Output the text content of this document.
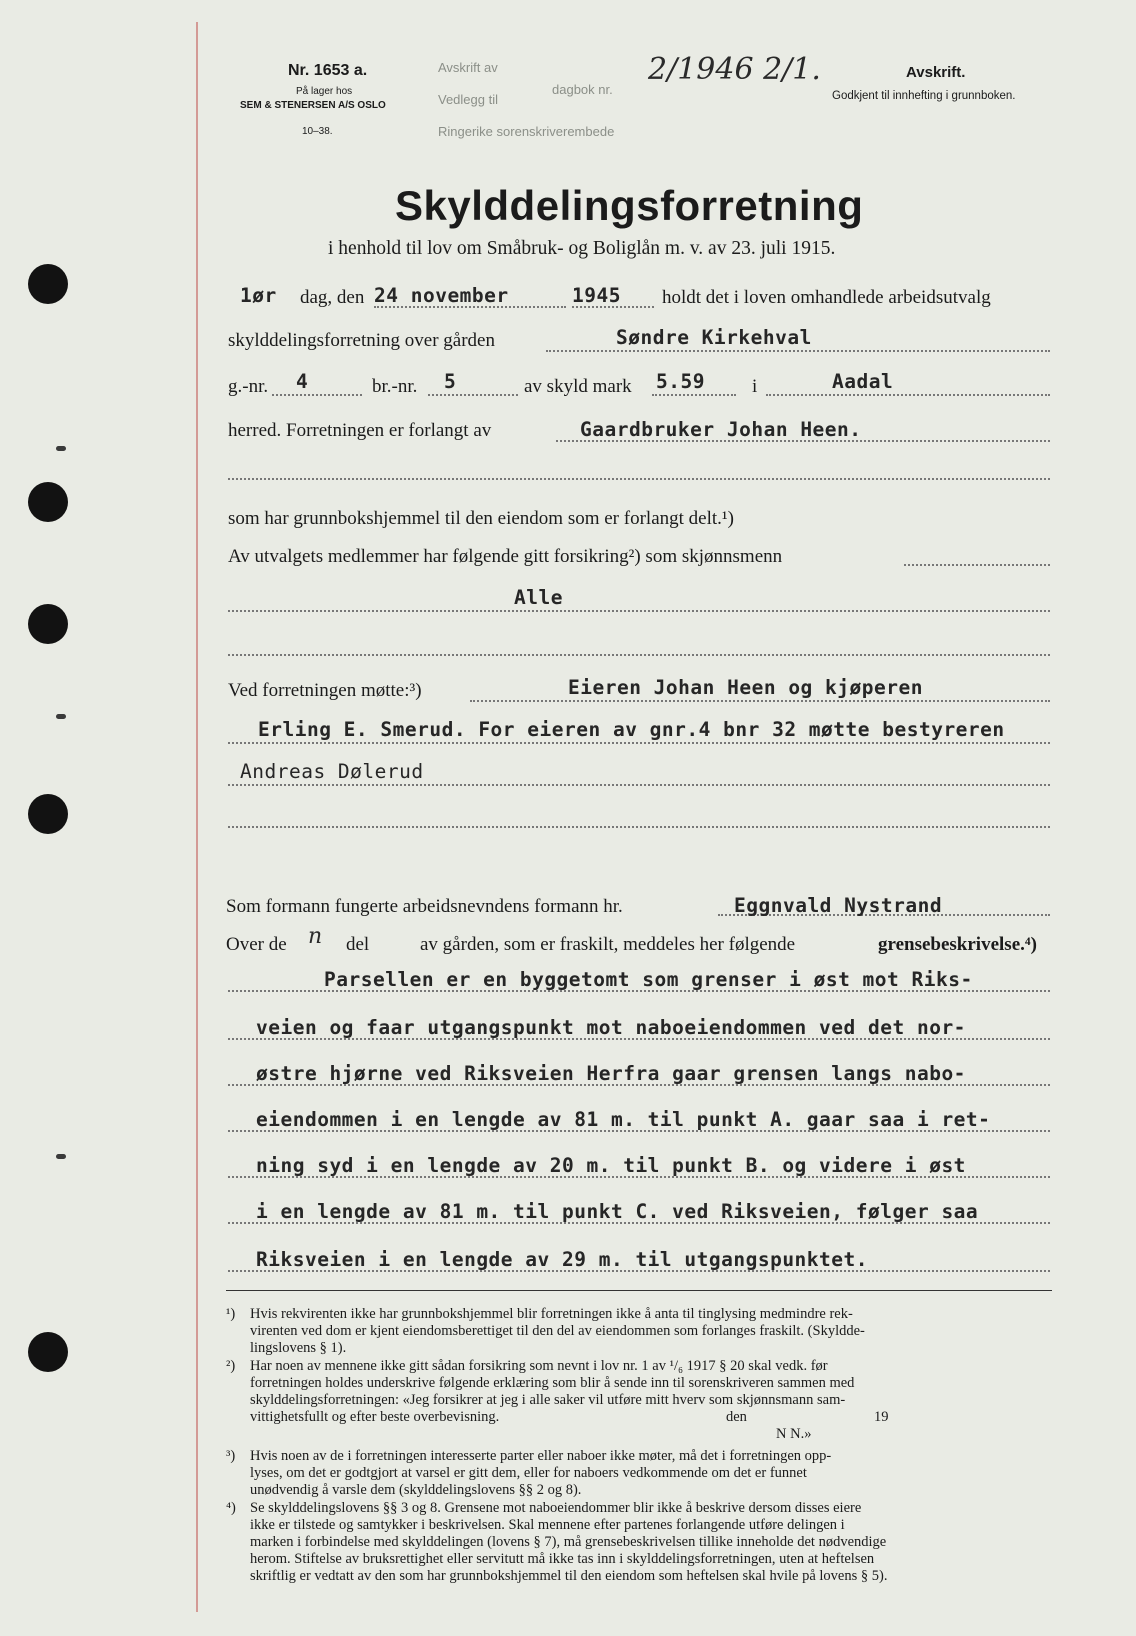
Nr. 1653 a.
På lager hos
SEM & STENERSEN A/S OSLO
10–38.
Avskrift av
Vedlegg til
Ringerike sorenskriverembede
dagbok nr.
2/1946 2/1.	Avskrift.
Godkjent til innhefting i grunnboken.
Skylddelingsforretning
i henhold til lov om Småbruk- og Boliglån m. v. av 23. juli 1915.
1ør dag, den 24 november	1945 holdt det i loven omhandlede arbeidsutvalg
skylddelingsforretning over gården	Søndre Kirkehval
g.-nr. 4	br.-nr. 5	av skyld mark 5.59 i	Aadal
herred. Forretningen er forlangt av	Gaardbruker Johan Heen.
som har grunnbokshjemmel til den eiendom som er forlangt delt.¹)
Av utvalgets medlemmer har følgende gitt forsikring²) som skjønnsmenn
Alle
Ved forretningen møtte:³)	Eieren Johan Heen og kjøperen
Erling E. Smerud. For eieren av gnr.4 bnr 32 møtte bestyreren
Andreas Dølerud
Som formann fungerte arbeidsnevndens formann hr.	Eggnvald Nystrand
Over de n del	av gården, som er fraskilt, meddeles her følgende	grensebeskrivelse.⁴)
Parsellen er en byggetomt som grenser i øst mot Riks-
veien og faar utgangspunkt mot naboeiendommen ved det nor-
østre hjørne ved Riksveien Herfra gaar grensen langs nabo-
eiendommen i en lengde av 81 m. til punkt A. gaar saa i ret-
ning syd i en lengde av 20 m. til punkt B. og videre i øst
i en lengde av 81 m. til punkt C. ved Riksveien, følger saa
Riksveien i en lengde av 29 m. til utgangspunktet.
¹) Hvis rekvirenten ikke har grunnbokshjemmel blir forretningen ikke å anta til tinglysing medmindre rek-
virenten ved dom er kjent eiendomsberettiget til den del av eiendommen som forlanges fraskilt. (Skyldde-
lingslovens § 1).
²) Har noen av mennene ikke gitt sådan forsikring som nevnt i lov nr. 1 av ¹/₆ 1917 § 20 skal vedk. før
forretningen holdes underskrive følgende erklæring som blir å sende inn til sorenskriveren sammen med
skylddelingsforretningen: «Jeg forsikrer at jeg i alle saker vil utføre mitt hverv som skjønnsmann sam-
vittighetsfullt og efter beste overbevisning.	den	19
N N.»
³) Hvis noen av de i forretningen interesserte parter eller naboer ikke møter, må det i forretningen opp-
lyses, om det er godtgjort at varsel er gitt dem, eller for naboers vedkommende om det er funnet
unødvendig å varsle dem (skylddelingslovens §§ 2 og 8).
⁴) Se skylddelingslovens §§ 3 og 8. Grensene mot naboeiendommer blir ikke å beskrive dersom disses eiere
ikke er tilstede og samtykker i beskrivelsen. Skal mennene efter partenes forlangende utføre delingen i
marken i forbindelse med skylddelingen (lovens § 7), må grensebeskrivelsen tillike inneholde det nødvendige
herom. Stiftelse av bruksrettighet eller servitutt må ikke tas inn i skylddelingsforretningen, uten at heftelsen
skriftlig er vedtatt av den som har grunnbokshjemmel til den eiendom som heftelsen skal hvile på lovens § 5).
